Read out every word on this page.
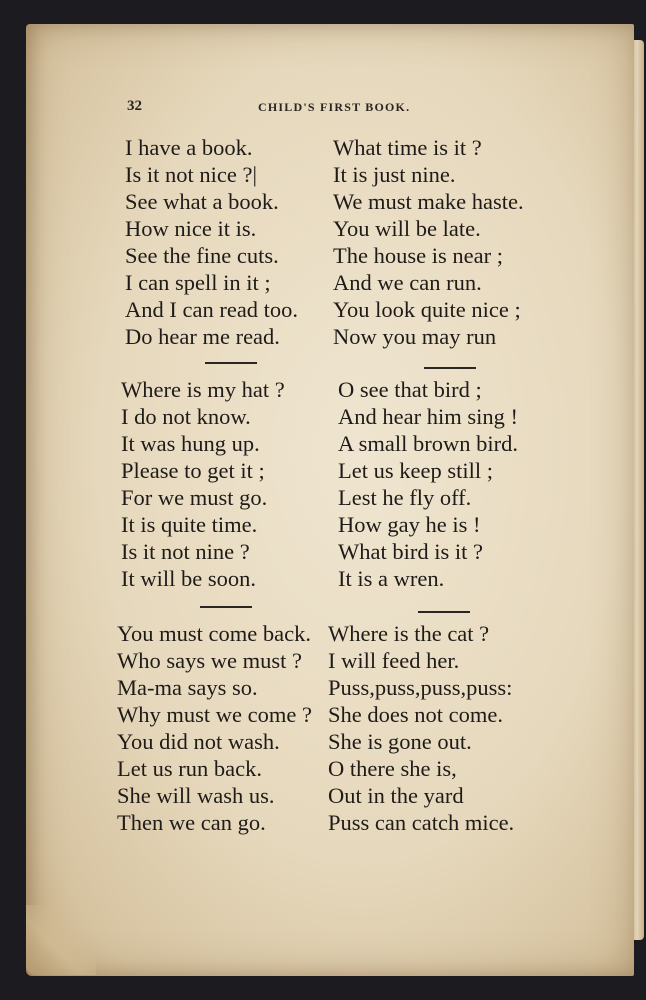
32	CHILD'S FIRST BOOK.
I have a book.
Is it not nice ?|
See what a book.
How nice it is.
See the fine cuts.
I can spell in it ;
And I can read too.
Do hear me read.
What time is it ?
It is just nine.
We must make haste.
You will be late.
The house is near ;
And we can run.
You look quite nice ;
Now you may run
Where is my hat ?
I do not know.
It was hung up.
Please to get it ;
For we must go.
It is quite time.
Is it not nine ?
It will be soon.
O see that bird ;
And hear him sing !
A small brown bird.
Let us keep still ;
Lest he fly off.
How gay he is !
What bird is it ?
It is a wren.
You must come back.
Who says we must ?
Ma-ma says so.
Why must we come ?
You did not wash.
Let us run back.
She will wash us.
Then we can go.
Where is the cat ?
I will feed her.
Puss,puss,puss,puss:
She does not come.
She is gone out.
O there she is,
Out in the yard
Puss can catch mice.
